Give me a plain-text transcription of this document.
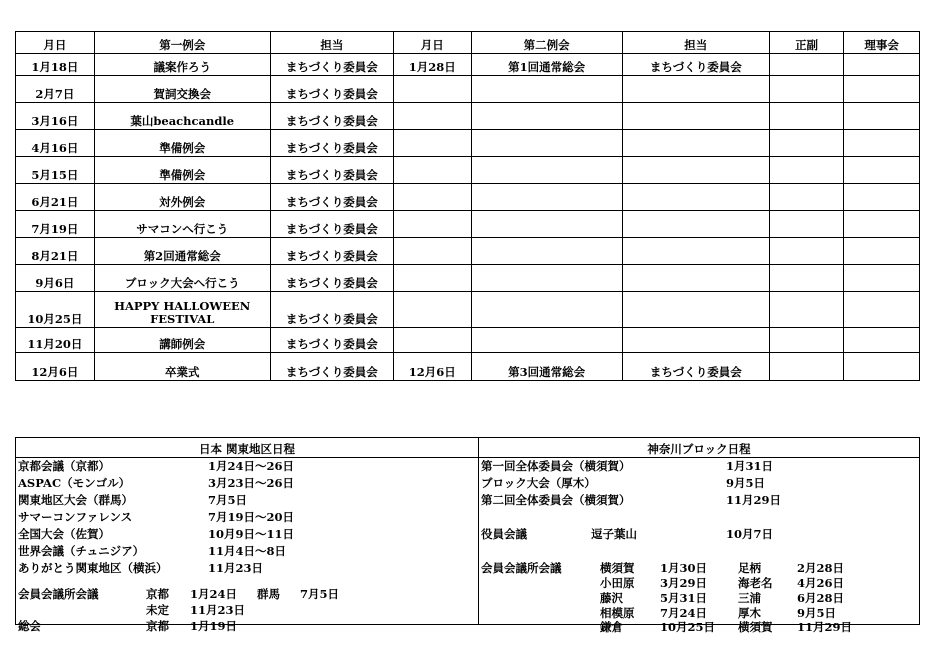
月日	第一例会	担当	月日	第二例会	担当	正副	理事会
1月18日	議案作ろう	まちづくり委員会	1月28日	第1回通常総会	まちづくり委員会		
2月7日	賀詞交換会	まちづくり委員会					
3月16日	葉山beachcandle	まちづくり委員会					
4月16日	準備例会	まちづくり委員会					
5月15日	準備例会	まちづくり委員会					
6月21日	対外例会	まちづくり委員会					
7月19日	サマコンへ行こう	まちづくり委員会					
8月21日	第2回通常総会	まちづくり委員会					
9月6日	ブロック大会へ行こう	まちづくり委員会					
10月25日	HAPPY HALLOWEEN FESTIVAL	まちづくり委員会					
11月20日	講師例会	まちづくり委員会					
12月6日	卒業式	まちづくり委員会	12月6日	第3回通常総会	まちづくり委員会		
日本 関東地区日程
京都会議（京都）	1月24日～26日
ASPAC（モンゴル）	3月23日～26日
関東地区大会（群馬）	7月5日
サマーコンファレンス	7月19日～20日
全国大会（佐賀）	10月9日～11日
世界会議（チュニジア）	11月4日～8日
ありがとう関東地区（横浜）	11月23日
会員会議所会議	京都 1月24日 群馬 7月5日
未定 11月23日
総会	京都 1月19日
神奈川ブロック日程
第一回全体委員会（横須賀）	1月31日
ブロック大会（厚木）	9月5日
第二回全体委員会（横須賀）	11月29日
役員会議	逗子葉山	10月7日
会員会議所会議	横須賀 1月30日	足柄	2月28日
小田原 3月29日	海老名 4月26日
藤沢	5月31日	三浦	6月28日
相模原 7月24日	厚木	9月5日
鎌倉	10月25日 横須賀 11月29日
